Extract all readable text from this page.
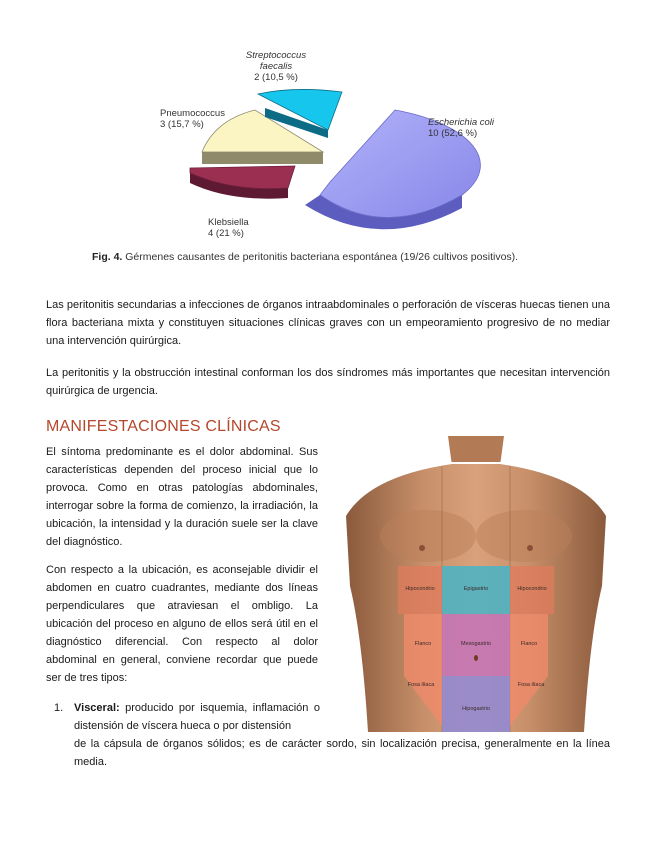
Streptococcus faecalis
2 (10,5 %)
Pneumococcus
3 (15,7 %)	Escherichia coli
10 (52,6 %)
Klebsiella
4 (21 %)
Fig. 4. Gérmenes causantes de peritonitis bacteriana espontánea (19/26 cultivos positivos).
Las peritonitis secundarias a infecciones de órganos intraabdominales o perforación de vísceras huecas tienen una flora bacteriana mixta y constituyen situaciones clínicas graves con un empeoramiento progresivo de no mediar una intervención quirúrgica.
La peritonitis y la obstrucción intestinal conforman los dos síndromes más importantes que necesitan intervención quirúrgica de urgencia.
MANIFESTACIONES CLÍNICAS
El síntoma predominante es el dolor abdominal. Sus características dependen del proceso inicial que lo provoca. Como en otras patologías abdominales, interrogar sobre la forma de comienzo, la irradiación, la ubicación, la intensidad y la duración suele ser la clave del diagnóstico.
Con respecto a la ubicación, es aconsejable dividir el abdomen en cuatro cuadrantes, mediante dos líneas perpendiculares que atraviesan el ombligo. La ubicación del proceso en alguno de ellos será útil en el diagnóstico diferencial. Con respecto al dolor abdominal en general, conviene recordar que puede ser de tres tipos:
Hipocondrio	Epigastrio	Hipocondrio
Flanco	Mesogastrio	Flanco
Fosa ilíaca
Hipogastrio
Fosa ilíaca
1. Visceral: producido por isquemia, inflamación o distensión de víscera hueca o por distensión
de la cápsula de órganos sólidos; es de carácter sordo, sin localización precisa, generalmente en la línea media.
